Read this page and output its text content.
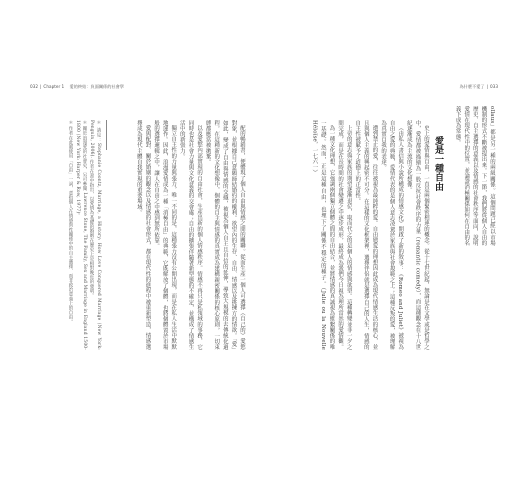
032 | Chapter 1 愛的終結：負面關係的社會學

配的暢銷書，便體現了個人自由與情感之間的關聯。從而生產一個人可選擇（自己的）愛慾對象，並根據自己意願締結婚約的權利。欲望內的生存、自由、情感以及挑揀方的情欲。「愛」如此，變成了自由與情感的交織，被視為個人自主且自信的延伸，導致大規模的去傳統化過程。在這種新的文化想像中，個體的自主與情感的真實成為建構親密關係的核心原則，一切束縛都應當被拋棄。

以及愛慾內部實現的自由社會，生產出新的個人情感秩序。情感不再只是私領域的事務，它同時也是社會力量與文化意義的交會處；自由的擴張伴隨著新型態的不確定，並構成了情感生活中的新張力。

獨立自主性的力量與張力，唯一不同的是，這種張力沒有公開出現，而是在私人生活中默默地運作。因此，浪漫愛情成為一種「消極自由」的典範，它既解放了個體，也將個體置於市場般的選擇邏輯之中，讓人在自由之中感到無所依靠。

愛與配對、關於婚姻的觀念以及情感的社會形式，都在現代性的進程中被重新塑造，情感選擇成為現代主體自我實現的重要場域。

＊ 請見：Stephanie Coontz, Marriage, a History: How Love Conquered Marriage (New York: Penguin, 2006). 作者在書中指出，以愛情為基礎的婚姻在歷史上是相對晚近的發明。

＊ 關於浪漫愛的社會史，另可參閱 Lawrence Stone, The Family, Sex and Marriage in England 1500-1800 (New York: Harper & Row, 1977)。

＊ 作者在此處使用「自由」一詞，意指個人在情感與性關係中的自主選擇，而非政治意義上的自由。

為什麼不愛了 | 033

ollaus」都是另一種的兩級關係。這個問題已經以市場機制的形式不斷被提出來。下一節，我們將從個人自由的歷史、自主選擇的意義以及情感的社會秩序等面向，說明愛情在現代性中的位置，並論證消極關係如何在自由的名義下成為常態。

愛是一種自由

史上的愛情與自由，一直是兩個緊密相連的概念。從十七世紀起，無論是在文學或是哲學之中，愛情都被描繪為一股反抗社會秩序的力量（romantic comedy），而這種觀念在十八世紀逐漸成為主流的文化想像。

（由私人書信與小說所構成的情感文化）開啟了新的敘事：《Romeo and Juliet》被視為自由之愛的典範，愛情代表的是個人意志凌駕於家族與社會規範之上；這種反叛的愛，被理解為真實自我的表達。

遭到禁止的愛，往往被視為最純粹的愛。自由戀愛的理想因此成為現代情感生活的核心，並且與個人主義的興起密不可分。在這樣的文化框架裡，選擇伴侶就是選擇自己的人生，情感的自主性被賦予了道德上的正當性。

上帝的意志與家族的期望逐漸退位，取而代之的是個人的情感與欲望。這種轉變並非一夕之間完成，而是在長時間的社會變遷之中逐步成形，最終成為我們今日視為理所當然的愛情觀。

為一種文化理想，它強調兩個獨立個體之間的自由結合，並將情感的真誠視為維繫關係的唯一基礎。然而，正是這種自由，也埋下了關係不穩定的種子。（Julie ou la Nouvelle Héloïse，一七六一）
